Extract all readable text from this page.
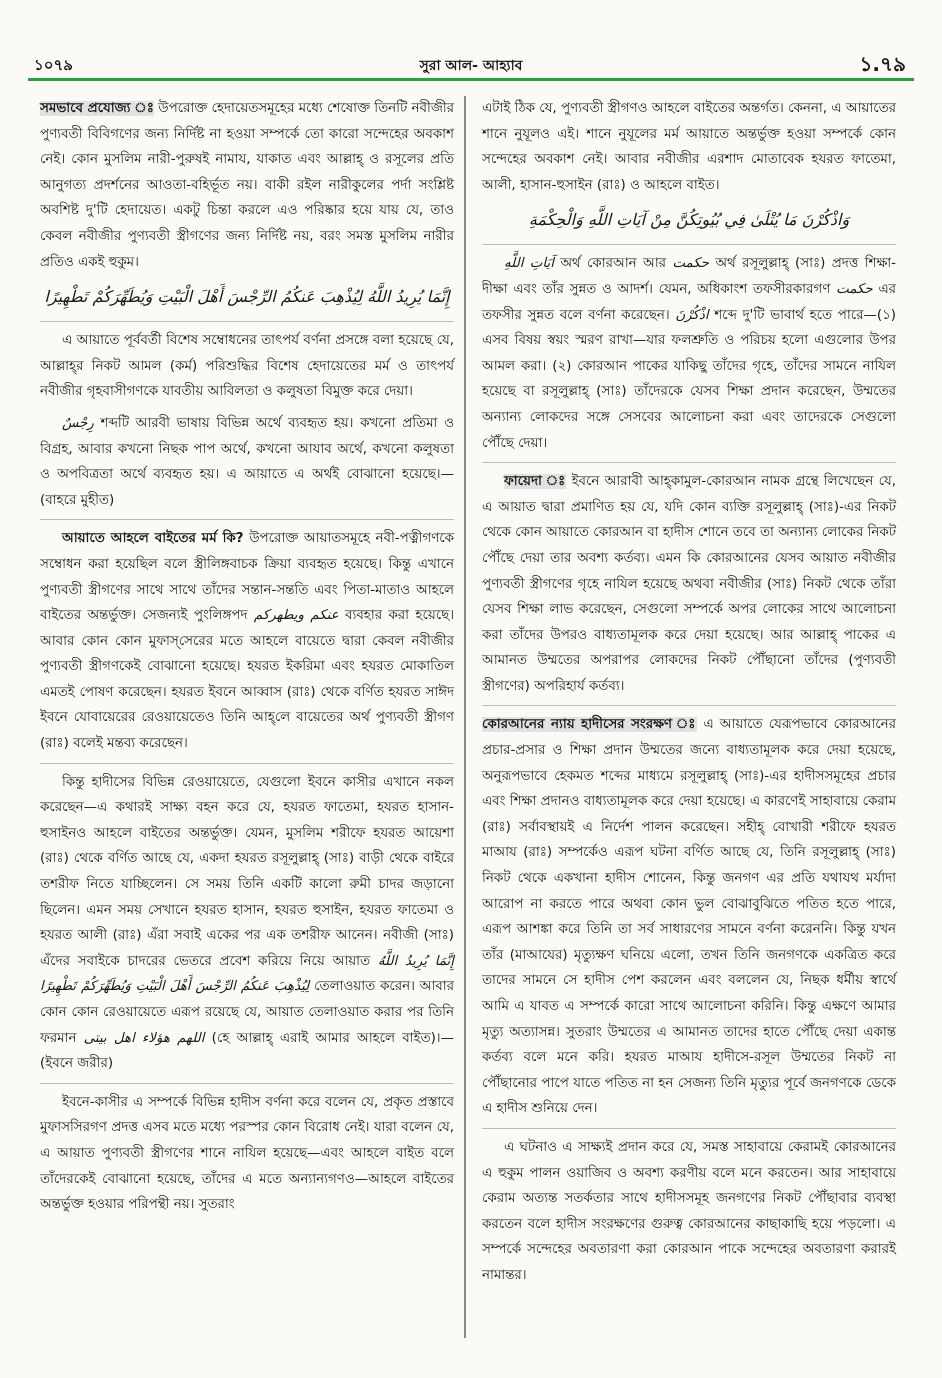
১০৭৯	সুরা আল- আহ্যাব	১.৭৯

সমভাবে প্রযোজ্য ঃ উপরোক্ত হেদায়েতসমূহের মধ্যে শেষোক্ত তিনটি নবীজীর পুণ্যবতী বিবিগণের জন্য নির্দিষ্ট না হওয়া সম্পর্কে তো কারো সন্দেহের অবকাশ নেই। কোন মুসলিম নারী-পুরুষই নামায, যাকাত এবং আল্লাহ্‌ ও রসূলের প্রতি আনুগত্য প্রদর্শনের আওতা-বহির্ভূত নয়। বাকী রইল নারীকুলের পর্দা সংশ্লিষ্ট অবশিষ্ট দু'টি হেদায়েত। একটু চিন্তা করলে এও পরিষ্কার হয়ে যায় যে, তাও কেবল নবীজীর পুণ্যবতী স্ত্রীগণের জন্য নির্দিষ্ট নয়, বরং সমস্ত মুসলিম নারীর প্রতিও একই হুকুম।

إِنَّمَا يُرِيدُ اللَّهُ لِيُذْهِبَ عَنكُمُ الرِّجْسَ أَهْلَ الْبَيْتِ وَيُطَهِّرَكُمْ تَطْهِيرًا

এ আয়াতে পূর্ববর্তী বিশেষ সম্বোধনের তাৎপর্য বর্ণনা প্রসঙ্গে বলা হয়েছে যে, আল্লাহ্‌র নিকট আমল (কর্ম) পরিশুদ্ধির বিশেষ হেদায়েতের মর্ম ও তাৎপর্য নবীজীর গৃহবাসীগণকে যাবতীয় আবিলতা ও কলুষতা বিমুক্ত করে দেয়া।

رِجْسٌ শব্দটি আরবী ভাষায় বিভিন্ন অর্থে ব্যবহৃত হয়। কখনো প্রতিমা ও বিগ্রহ, আবার কখনো নিছক পাপ অর্থে, কখনো আযাব অর্থে, কখনো কলুষতা ও অপবিত্রতা অর্থে ব্যবহৃত হয়। এ আয়াতে এ অর্থই বোঝানো হয়েছে।—(বাহরে মুহীত)

আয়াতে আহলে বাইতের মর্ম কি? উপরোক্ত আয়াতসমূহে নবী-পত্নীগণকে সম্বোধন করা হয়েছিল বলে স্ত্রীলিঙ্গবাচক ক্রিয়া ব্যবহৃত হয়েছে। কিন্তু এখানে পুণ্যবতী স্ত্রীগণের সাথে সাথে তাঁদের সন্তান-সন্ততি এবং পিতা-মাতাও আহলে বাইতের অন্তর্ভুক্ত। সেজন্যই পুংলিঙ্গপদ عنكم ويطهركم ব্যবহার করা হয়েছে। আবার কোন কোন মুফাস্‌সেরের মতে আহলে বায়েতে দ্বারা কেবল নবীজীর পুণ্যবতী স্ত্রীগণকেই বোঝানো হয়েছে। হযরত ইকরিমা এবং হযরত মোকাতিল এমতই পোষণ করেছেন। হযরত ইবনে আব্বাস (রাঃ) থেকে বর্ণিত হযরত সাঈদ ইবনে যোবায়েরের রেওয়ায়েতেও তিনি আহ্‌লে বায়েতের অর্থ পুণ্যবতী স্ত্রীগণ (রাঃ) বলেই মন্তব্য করেছেন।

কিন্তু হাদীসের বিভিন্ন রেওয়ায়েতে, যেগুলো ইবনে কাসীর এখানে নকল করেছেন—এ কথারই সাক্ষ্য বহন করে যে, হযরত ফাতেমা, হযরত হাসান-হুসাইনও আহলে বাইতের অন্তর্ভুক্ত। যেমন, মুসলিম শরীফে হযরত আয়েশা (রাঃ) থেকে বর্ণিত আছে যে, একদা হযরত রসূলুল্লাহ্‌ (সাঃ) বাড়ী থেকে বাইরে তশরীফ নিতে যাচ্ছিলেন। সে সময় তিনি একটি কালো রুমী চাদর জড়ানো ছিলেন। এমন সময় সেখানে হযরত হাসান, হযরত হুসাইন, হযরত ফাতেমা ও হযরত আলী (রাঃ) এঁরা সবাই একের পর এক তশরীফ আনেন। নবীজী (সাঃ) এঁদের সবাইকে চাদরের ভেতরে প্রবেশ করিয়ে নিয়ে আয়াত إِنَّمَا يُرِيدُ اللَّهُ لِيُذْهِبَ عَنكُمُ الرِّجْسَ أَهْلَ الْبَيْتِ وَيُطَهِّرَكُمْ تَطْهِيرًا	তেলাওয়াত করেন। আবার কোন কোন রেওয়ায়েতে এরূপ রয়েছে যে, আয়াত তেলাওয়াত করার পর তিনি ফরমান اللهم هؤلاء اهل بيتى (হে আল্লাহ্‌ এরাই আমার আহলে বাইত)।—(ইবনে জরীর)

ইবনে-কাসীর এ সম্পর্কে বিভিন্ন হাদীস বর্ণনা করে বলেন যে, প্রকৃত প্রস্তাবে মুফাসসিরগণ প্রদত্ত এসব মতে মধ্যে পরস্পর কোন বিরোধ নেই। যারা বলেন যে, এ আয়াত পুণ্যবতী স্ত্রীগণের শানে নাযিল হয়েছে—এবং আহলে বাইত বলে তাঁদেরকেই বোঝানো হয়েছে, তাঁদের এ মতে অন্যান্যগণও—আহলে বাইতের অন্তর্ভুক্ত হওয়ার পরিপন্থী নয়। সুতরাং

এটাই ঠিক যে, পুণ্যবতী স্ত্রীগণও আহলে বাইতের অন্তর্গত। কেননা, এ আয়াতের শানে নুযূলও এই। শানে নুযূলের মর্ম আয়াতে অন্তর্ভুক্ত হওয়া সম্পর্কে কোন সন্দেহের অবকাশ নেই। আবার নবীজীর এরশাদ মোতাবেক হযরত ফাতেমা, আলী, হাসান-হুসাইন (রাঃ) ও আহলে বাইত।

وَاذْكُرْنَ مَا يُتْلَىٰ فِي بُيُوتِكُنَّ مِنْ آيَاتِ اللَّهِ وَالْحِكْمَةِ

آيَاتِ اللَّهِ অর্থ কোরআন আর حكمت অর্থ রসূলুল্লাহ্‌ (সাঃ) প্রদত্ত শিক্ষা-দীক্ষা এবং তাঁর সুন্নত ও আদর্শ। যেমন, অধিকাংশ তফসীরকারগণ حكمت এর তফসীর সুন্নত বলে বর্ণনা করেছেন। اذْكُرْنَ শব্দে দু'টি ভাবার্থ হতে পারে—(১) এসব বিষয় স্বয়ং স্মরণ রাখা—যার ফলশ্রুতি ও পরিচয় হলো এগুলোর উপর আমল করা। (২) কোরআন পাকের যাকিছু তাঁদের গৃহে, তাঁদের সামনে নাযিল হয়েছে বা রসূলুল্লাহ্‌ (সাঃ) তাঁদেরকে যেসব শিক্ষা প্রদান করেছেন, উম্মতের অন্যান্য লোকদের সঙ্গে সেসবের আলোচনা করা এবং তাদেরকে সেগুলো পৌঁছে দেয়া।

ফায়েদা ঃ ইবনে আরাবী আহ্‌কামুল-কোরআন নামক গ্রন্থে লিখেছেন যে, এ আয়াত দ্বারা প্রমাণিত হয় যে, যদি কোন ব্যক্তি রসূলুল্লাহ্‌ (সাঃ)-এর নিকট থেকে কোন আয়াতে কোরআন বা হাদীস শোনে তবে তা অন্যান্য লোকের নিকট পৌঁছে দেয়া তার অবশ্য কর্তব্য। এমন কি কোরআনের যেসব আয়াত নবীজীর পুণ্যবতী স্ত্রীগণের গৃহে নাযিল হয়েছে অথবা নবীজীর (সাঃ) নিকট থেকে তাঁরা যেসব শিক্ষা লাভ করেছেন, সেগুলো সম্পর্কে অপর লোকের সাথে আলোচনা করা তাঁদের উপরও বাধ্যতামূলক করে দেয়া হয়েছে। আর আল্লাহ্‌ পাকের এ আমানত উম্মতের অপরাপর লোকদের নিকট পৌঁছানো তাঁদের (পুণ্যবতী স্ত্রীগণের) অপরিহার্য কর্তব্য।

কোরআনের ন্যায় হাদীসের সংরক্ষণ ঃ এ আয়াতে যেরূপভাবে কোরআনের প্রচার-প্রসার ও শিক্ষা প্রদান উম্মতের জন্যে বাধ্যতামূলক করে দেয়া হয়েছে, অনুরূপভাবে হেকমত শব্দের মাধ্যমে রসূলুল্লাহ্‌ (সাঃ)-এর হাদীসসমূহের প্রচার এবং শিক্ষা প্রদানও বাধ্যতামূলক করে দেয়া হয়েছে। এ কারণেই সাহাবায়ে কেরাম (রাঃ) সর্বাবস্থায়ই এ নির্দেশ পালন করেছেন। সহীহ্‌ বোখারী শরীফে হযরত মাআয (রাঃ) সম্পর্কেও এরূপ ঘটনা বর্ণিত আছে যে, তিনি রসূলুল্লাহ্‌ (সাঃ) নিকট থেকে একখানা হাদীস শোনেন, কিন্তু জনগণ এর প্রতি যথাযথ মর্যাদা আরোপ না করতে পারে অথবা কোন ভুল বোঝাবুঝিতে পতিত হতে পারে, এরূপ আশঙ্কা করে তিনি তা সর্ব সাধারণের সামনে বর্ণনা করেননি। কিন্তু যখন তাঁর (মাআযের) মৃত্যুক্ষণ ঘনিয়ে এলো, তখন তিনি জনগণকে একত্রিত করে তাদের সামনে সে হাদীস পেশ করলেন এবং বললেন যে, নিছক ধর্মীয় স্বার্থে আমি এ যাবত এ সম্পর্কে কারো সাথে আলোচনা করিনি। কিন্তু এক্ষণে আমার মৃত্যু অত্যাসন্ন। সুতরাং উম্মতের এ আমানত তাদের হাতে পৌঁছে দেয়া একান্ত কর্তব্য বলে মনে করি। হযরত মাআয হাদীসে-রসূল উম্মতের নিকট না পৌঁছানোর পাপে যাতে পতিত না হন সেজন্য তিনি মৃত্যুর পূর্বে জনগণকে ডেকে এ হাদীস শুনিয়ে দেন।

এ ঘটনাও এ সাক্ষ্যই প্রদান করে যে, সমস্ত সাহাবায়ে কেরামই কোরআনের এ হুকুম পালন ওয়াজিব ও অবশ্য করণীয় বলে মনে করতেন। আর সাহাবায়ে কেরাম অত্যন্ত সতর্কতার সাথে হাদীসসমূহ জনগণের নিকট পৌঁছাবার ব্যবস্থা করতেন বলে হাদীস সংরক্ষণের গুরুত্ব কোরআনের কাছাকাছি হয়ে পড়লো। এ সম্পর্কে সন্দেহের অবতারণা করা কোরআন পাকে সন্দেহের অবতারণা করারই নামান্তর।
